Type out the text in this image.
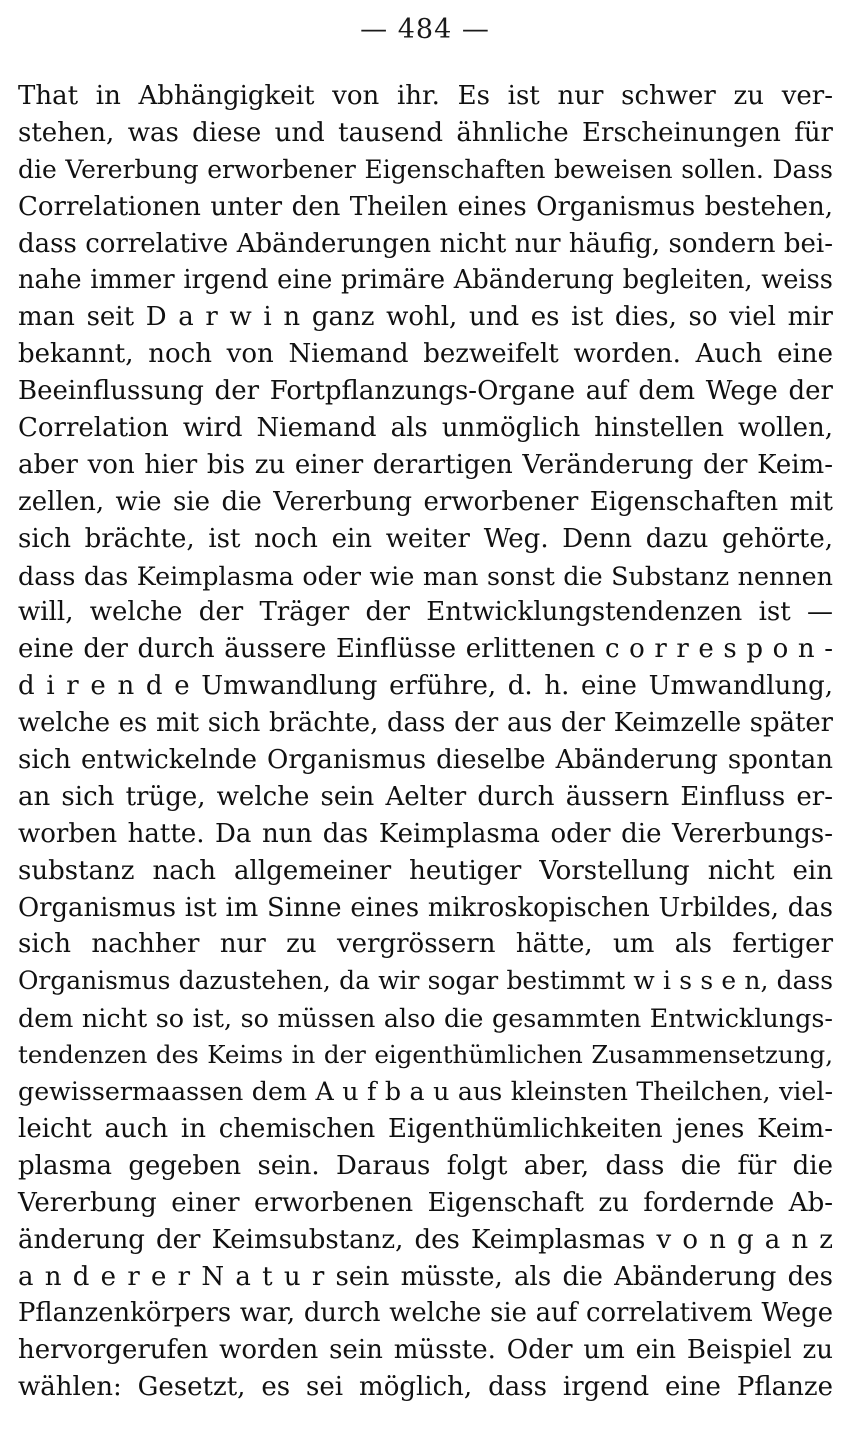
— 484 —
That in Abhängigkeit von ihr. Es ist nur schwer zu ver-
stehen, was diese und tausend ähnliche Erscheinungen für
die Vererbung erworbener Eigenschaften beweisen sollen. Dass
Correlationen unter den Theilen eines Organismus bestehen,
dass correlative Abänderungen nicht nur häufig, sondern bei-
nahe immer irgend eine primäre Abänderung begleiten, weiss
man seit D a r w i n ganz wohl, und es ist dies, so viel mir
bekannt, noch von Niemand bezweifelt worden. Auch eine
Beeinflussung der Fortpflanzungs-Organe auf dem Wege der
Correlation wird Niemand als unmöglich hinstellen wollen,
aber von hier bis zu einer derartigen Veränderung der Keim-
zellen, wie sie die Vererbung erworbener Eigenschaften mit
sich brächte, ist noch ein weiter Weg. Denn dazu gehörte,
dass das Keimplasma oder wie man sonst die Substanz nennen
will, welche der Träger der Entwicklungstendenzen ist —
eine der durch äussere Einflüsse erlittenen c o r r e s p o n -
d i r e n d e Umwandlung erführe, d. h. eine Umwandlung,
welche es mit sich brächte, dass der aus der Keimzelle später
sich entwickelnde Organismus dieselbe Abänderung spontan
an sich trüge, welche sein Aelter durch äussern Einfluss er-
worben hatte. Da nun das Keimplasma oder die Vererbungs-
substanz nach allgemeiner heutiger Vorstellung nicht ein
Organismus ist im Sinne eines mikroskopischen Urbildes, das
sich nachher nur zu vergrössern hätte, um als fertiger
Organismus dazustehen, da wir sogar bestimmt w i s s e n, dass
dem nicht so ist, so müssen also die gesammten Entwicklungs-
tendenzen des Keims in der eigenthümlichen Zusammensetzung,
gewissermaassen dem A u f b a u aus kleinsten Theilchen, viel-
leicht auch in chemischen Eigenthümlichkeiten jenes Keim-
plasma gegeben sein. Daraus folgt aber, dass die für die
Vererbung einer erworbenen Eigenschaft zu fordernde Ab-
änderung der Keimsubstanz, des Keimplasmas v o n g a n z
a n d e r e r N a t u r sein müsste, als die Abänderung des
Pflanzenkörpers war, durch welche sie auf correlativem Wege
hervorgerufen worden sein müsste. Oder um ein Beispiel zu
wählen: Gesetzt, es sei möglich, dass irgend eine Pflanze
